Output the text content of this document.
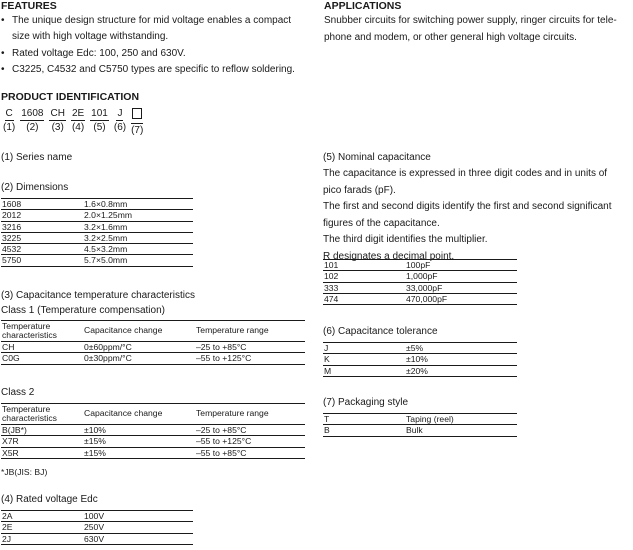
FEATURES
• The unique design structure for mid voltage enables a compact
size with high voltage withstanding.
• Rated voltage Edc: 100, 250 and 630V.
• C3225, C4532 and C5750 types are specific to reflow soldering.
APPLICATIONS
Snubber circuits for switching power supply, ringer circuits for tele-
phone and modem, or other general high voltage circuits.
PRODUCT IDENTIFICATION
C
(1)
1608
(2)
CH
(3)
2E
(4)
101
(5)
J
(6) (7)
(1) Series name
(2) Dimensions
1608	1.6×0.8mm
2012	2.0×1.25mm
3216	3.2×1.6mm
3225	3.2×2.5mm
4532	4.5×3.2mm
5750	5.7×5.0mm
(3) Capacitance temperature characteristics
Class 1 (Temperature compensation)
Temperature characteristics	Capacitance change	Temperature range
CH	0±60ppm/°C	–25 to +85°C
C0G	0±30ppm/°C	–55 to +125°C
Class 2
Temperature characteristics	Capacitance change	Temperature range
B(JB*)	±10%	–25 to +85°C
X7R	±15%	–55 to +125°C
X5R	±15%	–55 to +85°C
*JB(JIS: BJ)
(4) Rated voltage Edc
2A	100V
2E	250V
2J	630V
(5) Nominal capacitance
The capacitance is expressed in three digit codes and in units of
pico farads (pF).
The first and second digits identify the first and second significant
figures of the capacitance.
The third digit identifies the multiplier.
R designates a decimal point.
101	100pF
102	1,000pF
333	33,000pF
474	470,000pF
(6) Capacitance tolerance
J	±5%
K	±10%
M	±20%
(7) Packaging style
T	Taping (reel)
B	Bulk
